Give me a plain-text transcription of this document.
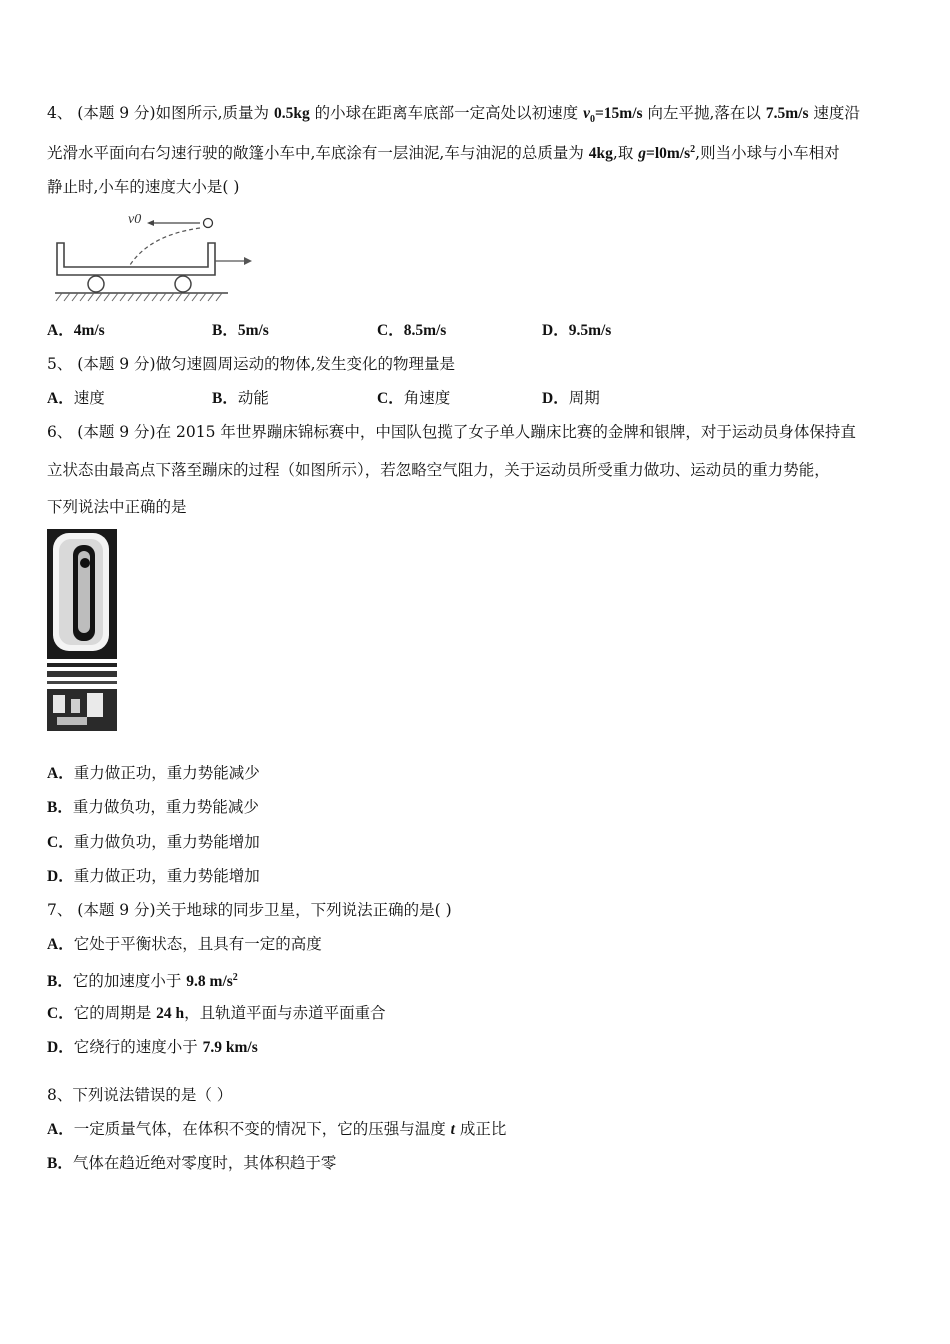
4、 (本题 9 分)如图所示,质量为 0.5kg 的小球在距离车底部一定高处以初速度 $v_0=15m/s$ 向左平抛,落在以 7.5m/s 速度沿
光滑水平面向右匀速行驶的敞篷小车中,车底涂有一层油泥,车与油泥的总质量为 4kg,取 $g=l0m/s^2$,则当小球与小车相对
静止时,小车的速度大小是( )
v0
A．4m/s	B．5m/s	C．8.5m/s	D．9.5m/s
5、 (本题 9 分)做匀速圆周运动的物体,发生变化的物理量是
A．速度	B．动能	C．角速度	D．周期
6、 (本题 9 分)在 2015 年世界蹦床锦标赛中，中国队包揽了女子单人蹦床比赛的金牌和银牌，对于运动员身体保持直
立状态由最高点下落至蹦床的过程（如图所示），若忽略空气阻力，关于运动员所受重力做功、运动员的重力势能，
下列说法中正确的是
A．重力做正功，重力势能减少
B．重力做负功，重力势能减少
C．重力做负功，重力势能增加
D．重力做正功，重力势能增加
7、 (本题 9 分)关于地球的同步卫星，下列说法正确的是( )
A．它处于平衡状态，且具有一定的高度
B．它的加速度小于 9.8 $m/s^2$
C．它的周期是 24 h，且轨道平面与赤道平面重合
D．它绕行的速度小于 7.9 km/s
8、下列说法错误的是（ ）
A．一定质量气体，在体积不变的情况下，它的压强与温度 t 成正比
B．气体在趋近绝对零度时，其体积趋于零
